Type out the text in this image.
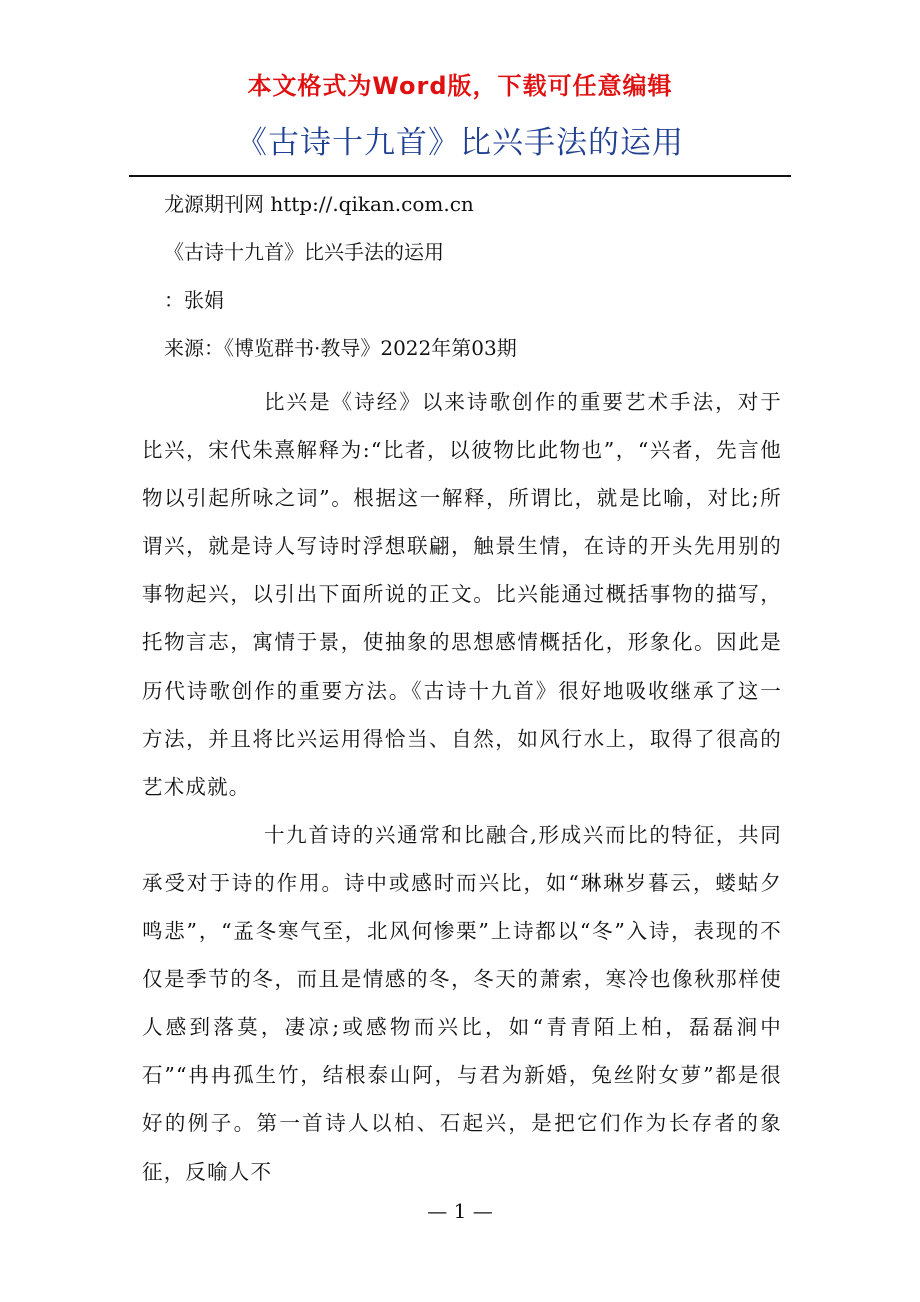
本文格式为Word版，下载可任意编辑
《古诗十九首》比兴手法的运用
龙源期刊网 http://.qikan.com.cn
《古诗十九首》比兴手法的运用
：张娟
来源：《博览群书·教导》2022年第03期

比兴是《诗经》以来诗歌创作的重要艺术手法，对于比兴，宋代朱熹解释为:“比者，以彼物比此物也”，“兴者，先言他物以引起所咏之词”。根据这一解释，所谓比，就是比喻，对比;所谓兴，就是诗人写诗时浮想联翩，触景生情，在诗的开头先用别的事物起兴，以引出下面所说的正文。比兴能通过概括事物的描写，托物言志，寓情于景，使抽象的思想感情概括化，形象化。因此是历代诗歌创作的重要方法。《古诗十九首》很好地吸收继承了这一方法，并且将比兴运用得恰当、自然，如风行水上，取得了很高的艺术成就。

十九首诗的兴通常和比融合,形成兴而比的特征，共同承受对于诗的作用。诗中或感时而兴比，如“琳琳岁暮云，蝼蛄夕鸣悲”，“孟冬寒气至，北风何惨栗”上诗都以“冬”入诗，表现的不仅是季节的冬，而且是情感的冬，冬天的萧索，寒冷也像秋那样使人感到落莫，凄凉;或感物而兴比，如“青青陌上柏，磊磊涧中石”“冉冉孤生竹，结根泰山阿，与君为新婚，兔丝附女萝”都是很好的例子。第一首诗人以柏、石起兴，是把它们作为长存者的象征，反喻人不

— 1 —
